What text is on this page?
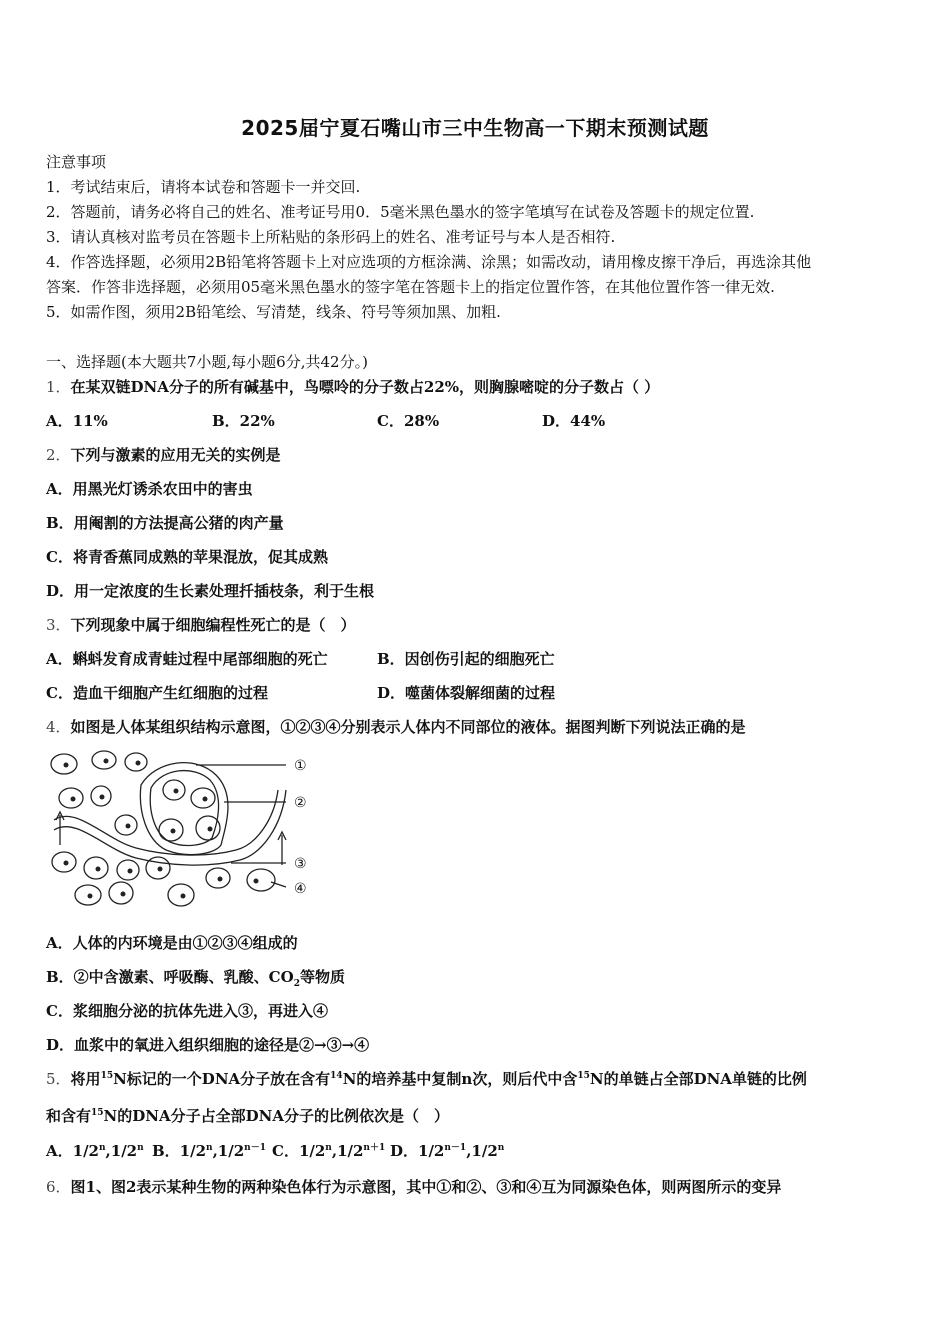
2025届宁夏石嘴山市三中生物高一下期末预测试题
注意事项
1．考试结束后，请将本试卷和答题卡一并交回.
2．答题前，请务必将自己的姓名、准考证号用0．5毫米黑色墨水的签字笔填写在试卷及答题卡的规定位置.
3．请认真核对监考员在答题卡上所粘贴的条形码上的姓名、准考证号与本人是否相符.
4．作答选择题，必须用2B铅笔将答题卡上对应选项的方框涂满、涂黑；如需改动，请用橡皮擦干净后，再选涂其他
答案．作答非选择题，必须用05毫米黑色墨水的签字笔在答题卡上的指定位置作答，在其他位置作答一律无效.
5．如需作图，须用2B铅笔绘、写清楚，线条、符号等须加黑、加粗.
一、选择题(本大题共7小题,每小题6分,共42分。)
1．在某双链DNA分子的所有碱基中，鸟嘌呤的分子数占22%，则胸腺嘧啶的分子数占（ ）
A．11%	B．22%	C．28%	D．44%
2．下列与激素的应用无关的实例是
A．用黑光灯诱杀农田中的害虫
B．用阉割的方法提高公猪的肉产量
C．将青香蕉同成熟的苹果混放，促其成熟
D．用一定浓度的生长素处理扦插枝条，利于生根
3．下列现象中属于细胞编程性死亡的是（　）
A．蝌蚪发育成青蛙过程中尾部细胞的死亡	B．因创伤引起的细胞死亡
C．造血干细胞产生红细胞的过程	D．噬菌体裂解细菌的过程
4．如图是人体某组织结构示意图，①②③④分别表示人体内不同部位的液体。据图判断下列说法正确的是
①
②
③
④
A．人体的内环境是由①②③④组成的
B．②中含激素、呼吸酶、乳酸、$CO_2$等物质
C．浆细胞分泌的抗体先进入③，再进入④
D．血浆中的氧进入组织细胞的途径是②→③→④
5．将用$^{15}$N标记的一个DNA分子放在含有$^{14}$N的培养基中复制n次，则后代中含$^{15}$N的单链占全部DNA单链的比例
和含有$^{15}$N的DNA分子占全部DNA分子的比例依次是（　）
A．1/2$^n$,1/2$^n$ B．$1/2^n,1/2^{n-1}$ C．$1/2^n,1/2^{n+1}$ D．$1/2^{n-1},1/2^n$
6．图1、图2表示某种生物的两种染色体行为示意图，其中①和②、③和④互为同源染色体，则两图所示的变异
